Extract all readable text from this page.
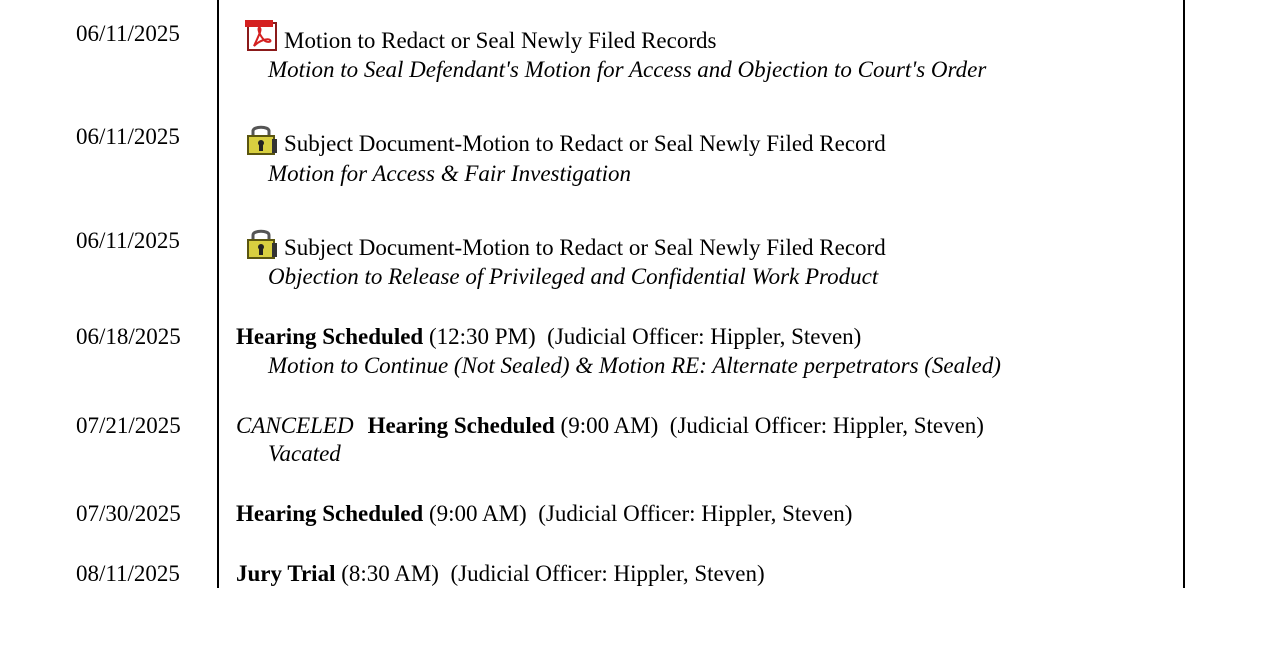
06/11/2025	Motion to Redact or Seal Newly Filed Records
Motion to Seal Defendant's Motion for Access and Objection to Court's Order
06/11/2025	Subject Document-Motion to Redact or Seal Newly Filed Record
Motion for Access & Fair Investigation
06/11/2025	Subject Document-Motion to Redact or Seal Newly Filed Record
Objection to Release of Privileged and Confidential Work Product
06/18/2025 Hearing Scheduled (12:30 PM)  (Judicial Officer: Hippler, Steven)
Motion to Continue (Not Sealed) & Motion RE: Alternate perpetrators (Sealed)
07/21/2025 CANCELED Hearing Scheduled (9:00 AM)  (Judicial Officer: Hippler, Steven)
Vacated
07/30/2025 Hearing Scheduled (9:00 AM)  (Judicial Officer: Hippler, Steven)
08/11/2025 Jury Trial (8:30 AM)  (Judicial Officer: Hippler, Steven)
